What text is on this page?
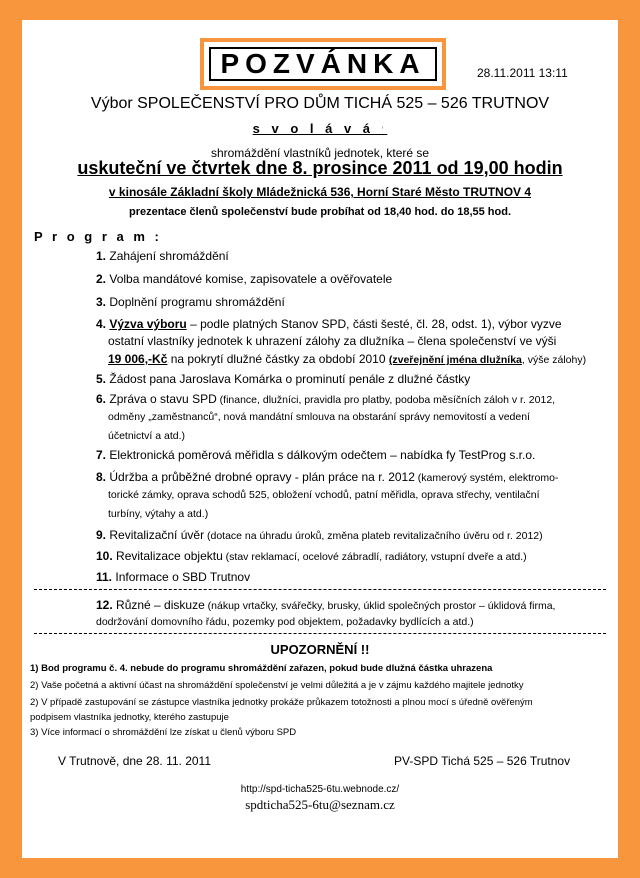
POZVÁNKA	28.11.2011 13:11
Výbor SPOLEČENSTVÍ PRO DŮM TICHÁ 525 – 526 TRUTNOV
s v o l á v á ′
shromáždění vlastníků jednotek, které se
uskuteční ve čtvrtek dne 8. prosince 2011 od 19,00 hodin
v kinosále Základní školy Mládežnická 536, Horní Staré Město TRUTNOV 4
prezentace členů společenství bude probíhat od 18,40 hod. do 18,55 hod.
P r o g r a m :
1. Zahájení shromáždění
2. Volba mandátové komise, zapisovatele a ověřovatele
3. Doplnění programu shromáždění
4. Výzva výboru – podle platných Stanov SPD, části šesté, čl. 28, odst. 1), výbor vyzve
ostatní vlastníky jednotek k uhrazení zálohy za dlužníka – člena společenství ve výši
19 006,-Kč na pokrytí dlužné částky za období 2010 (zveřejnění jména dlužníka, výše zálohy)
5. Žádost pana Jaroslava Komárka o prominutí penále z dlužné částky
6. Zpráva o stavu SPD (finance, dlužníci, pravidla pro platby, podoba měsíčních záloh v r. 2012,
odměny „zaměstnanců“, nová mandátní smlouva na obstarání správy nemovitostí a vedení
účetnictví a atd.)
7. Elektronická poměrová měřidla s dálkovým odečtem – nabídka fy TestProg s.r.o.
8. Údržba a průběžné drobné opravy - plán práce na r. 2012 (kamerový systém, elektromo-
torické zámky, oprava schodů 525, obložení vchodů, patní měřidla, oprava střechy, ventilační
turbíny, výtahy a atd.)
9. Revitalizační úvěr (dotace na úhradu úroků, změna plateb revitalizačního úvěru od r. 2012)
10. Revitalizace objektu (stav reklamací, ocelové zábradlí, radiátory, vstupní dveře a atd.)
11. Informace o SBD Trutnov
12. Různé – diskuze (nákup vrtačky, svářečky, brusky, úklid společných prostor – úklidová firma,
dodržování domovního řádu, pozemky pod objektem, požadavky bydlících a atd.)
UPOZORNĚNÍ !!
1) Bod programu č. 4. nebude do programu shromáždění zařazen, pokud bude dlužná částka uhrazena
2) Vaše početná a aktivní účast na shromáždění společenství je velmi důležitá a je v zájmu každého majitele jednotky
2) V případě zastupování se zástupce vlastníka jednotky prokáže průkazem totožnosti a plnou mocí s úředně ověřeným
podpisem vlastníka jednotky, kterého zastupuje
3) Více informací o shromáždění lze získat u členů výboru SPD
V Trutnově, dne 28. 11. 2011	PV-SPD Tichá 525 – 526 Trutnov
http://spd-ticha525-6tu.webnode.cz/
spdticha525-6tu@seznam.cz
